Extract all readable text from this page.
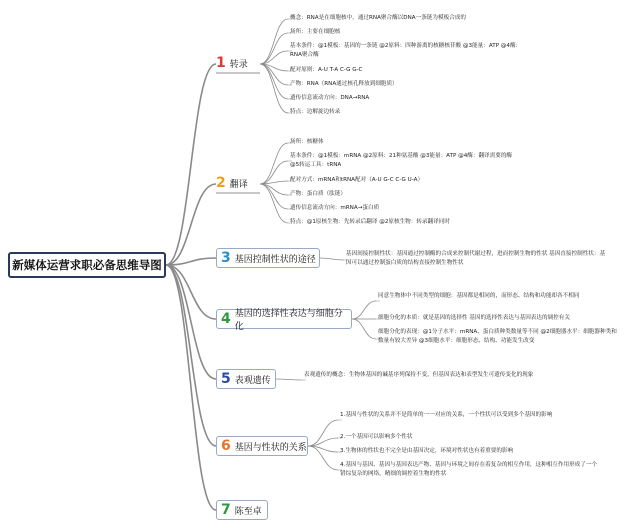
新媒体运营求职必备思维导图
1 转录
2 翻译
3 基因控制性状的途径
4 基因的选择性表达与细胞分化
5 表观遗传
6 基因与性状的关系
7 陈至卓
概念：RNA是在细胞核中，通过RNA聚合酶以DNA一条链为模板合成的
场所：主要在细胞核
基本条件：@1模板：基因的一条链 @2原料：四种游离的核糖核苷酸 @3能量：ATP @4酶：RNA聚合酶
配对原则：A-U T-A C-G G-C
产物：RNA（RNA通过核孔释放到细胞质）
遗传信息流动方向：DNA→RNA
特点：边解旋边转录
场所：核糖体
基本条件：@1模板：mRNA @2原料：21种氨基酸 @3能量：ATP @4酶：翻译需要的酶 @5转运工具：tRNA
配对方式：mRNA和tRNA配对（A-U G-C C-G U-A）
产物：蛋白质（肽链）
遗传信息流动方向：mRNA→蛋白质
特点：@1原核生物：先转录后翻译 @2原核生物：转录翻译同时
基因间接控制性状：基因通过控制酶的合成来控制代谢过程，进而控制生物的性状 基因直接控制性状：基因可以通过控制蛋白质的结构直接控制生物性状
同意生物体中不同类型的细胞：基因都是相同的，而形态、结构和功能却各不相同
细胞分化的本质：就是基因的选择性 基因的选择性表达与基因表达的调控有关
细胞分化的表现：@1分子水平：mRNA、蛋白质种类数量等不同 @2细胞器水平：细胞器种类和数量有较大差异 @3细胞水平：细胞形态、结构、功能发生改变
表观遗传的概念：生物体基因的碱基序列保持不变，但基因表达和表型发生可遗传变化的现象
1.基因与性状的关系并不是简单的一一对应的关系，一个性状可以受到多个基因的影响
2.一个基因可以影响多个性状
3.生物体的性状也不完全是由基因决定，环境对性状也有着重要的影响
4.基因与基因、基因与基因表达产物、基因与环境之间存在着复杂的相互作用，这种相互作用形成了一个错综复杂的网络，精细的调控着生物的性状
